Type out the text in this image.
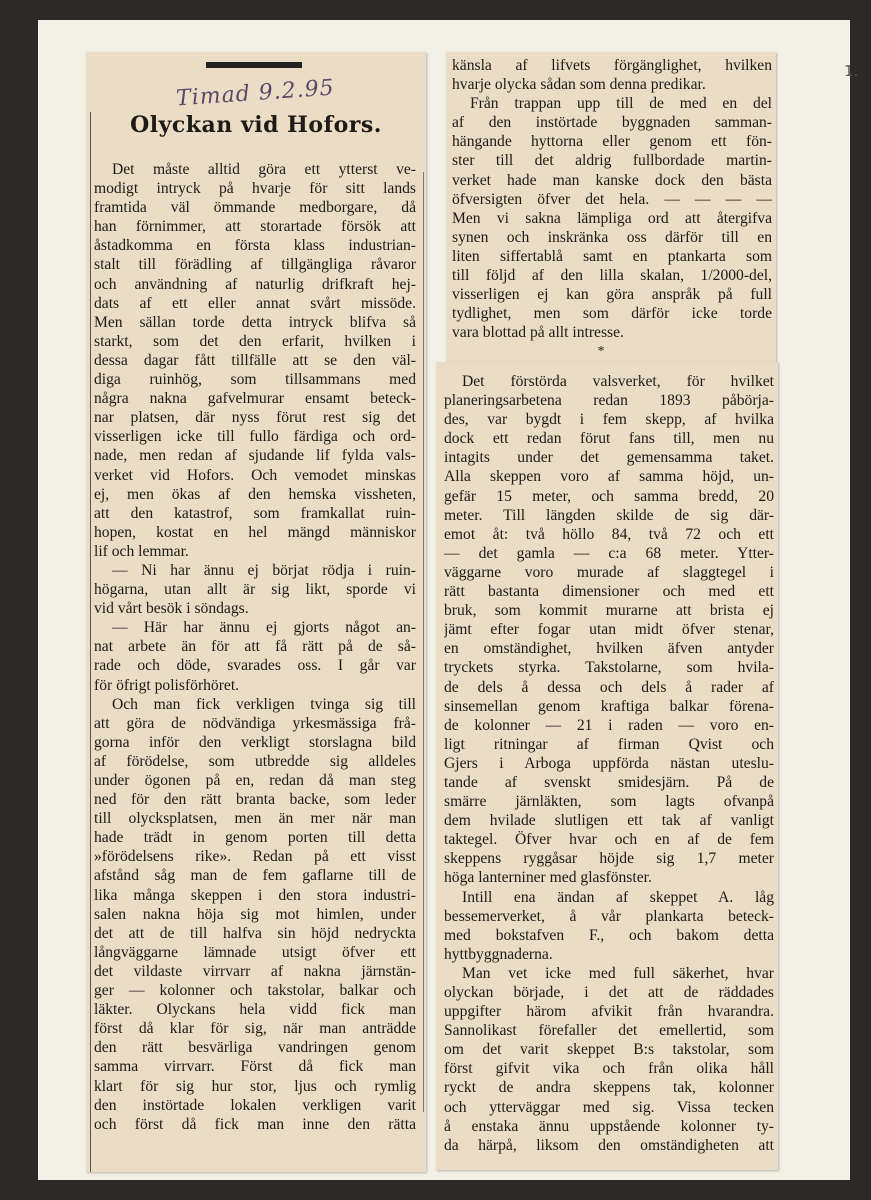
1.
Timad 9.2.95
Olyckan vid Hofors.
Det måste alltid göra ett ytterst ve-
modigt intryck på hvarje för sitt lands
framtida väl ömmande medborgare, då
han förnimmer, att storartade försök att
åstadkomma en första klass industrian-
stalt till förädling af tillgängliga råvaror
och användning af naturlig drifkraft hej-
dats af ett eller annat svårt missöde.
Men sällan torde detta intryck blifva så
starkt, som det den erfarit, hvilken i
dessa dagar fått tillfälle att se den väl-
diga ruinhög, som tillsammans med
några nakna gafvelmurar ensamt beteck-
nar platsen, där nyss förut rest sig det
visserligen icke till fullo färdiga och ord-
nade, men redan af sjudande lif fylda vals-
verket vid Hofors. Och vemodet minskas
ej, men ökas af den hemska vissheten,
att den katastrof, som framkallat ruin-
hopen, kostat en hel mängd människor
lif och lemmar.
— Ni har ännu ej börjat rödja i ruin-
högarna, utan allt är sig likt, sporde vi
vid vårt besök i söndags.
— Här har ännu ej gjorts något an-
nat arbete än för att få rätt på de så-
rade och döde, svarades oss. I går var
för öfrigt polisförhöret.
Och man fick verkligen tvinga sig till
att göra de nödvändiga yrkesmässiga frå-
gorna inför den verkligt storslagna bild
af förödelse, som utbredde sig alldeles
under ögonen på en, redan då man steg
ned för den rätt branta backe, som leder
till olycksplatsen, men än mer när man
hade trädt in genom porten till detta
»förödelsens rike». Redan på ett visst
afstånd såg man de fem gaflarne till de
lika många skeppen i den stora industri-
salen nakna höja sig mot himlen, under
det att de till halfva sin höjd nedryckta
långväggarne lämnade utsigt öfver ett
det vildaste virrvarr af nakna järnstän-
ger — kolonner och takstolar, balkar och
läkter. Olyckans hela vidd fick man
först då klar för sig, när man anträdde
den rätt besvärliga vandringen genom
samma virrvarr. Först då fick man
klart för sig hur stor, ljus och rymlig
den instörtade lokalen verkligen varit
och först då fick man inne den rätta
känsla af lifvets förgänglighet, hvilken
hvarje olycka sådan som denna predikar.
Från trappan upp till de med en del
af den instörtade byggnaden samman-
hängande hyttorna eller genom ett fön-
ster till det aldrig fullbordade martin-
verket hade man kanske dock den bästa
öfversigten öfver det hela. — — — —
Men vi sakna lämpliga ord att återgifva
synen och inskränka oss därför till en
liten siffertablå samt en ptankarta som
till följd af den lilla skalan, 1/2000-del,
visserligen ej kan göra anspråk på full
tydlighet, men som därför icke torde
vara blottad på allt intresse.
*
Det förstörda valsverket, för hvilket
planeringsarbetena redan 1893 påbörja-
des, var bygdt i fem skepp, af hvilka
dock ett redan förut fans till, men nu
intagits under det gemensamma taket.
Alla skeppen voro af samma höjd, un-
gefär 15 meter, och samma bredd, 20
meter. Till längden skilde de sig där-
emot åt: två höllo 84, två 72 och ett
— det gamla — c:a 68 meter. Ytter-
väggarne voro murade af slaggtegel i
rätt bastanta dimensioner och med ett
bruk, som kommit murarne att brista ej
jämt efter fogar utan midt öfver stenar,
en omständighet, hvilken äfven antyder
tryckets styrka. Takstolarne, som hvila-
de dels å dessa och dels å rader af
sinsemellan genom kraftiga balkar förena-
de kolonner — 21 i raden — voro en-
ligt ritningar af firman Qvist och
Gjers i Arboga uppförda nästan uteslu-
tande af svenskt smidesjärn. På de
smärre järnläkten, som lagts ofvanpå
dem hvilade slutligen ett tak af vanligt
taktegel. Öfver hvar och en af de fem
skeppens ryggåsar höjde sig 1,7 meter
höga lanterniner med glasfönster.
Intill ena ändan af skeppet A. låg
bessemerverket, å vår plankarta beteck-
med bokstafven F., och bakom detta
hyttbyggnaderna.
Man vet icke med full säkerhet, hvar
olyckan började, i det att de räddades
uppgifter härom afvikit från hvarandra.
Sannolikast förefaller det emellertid, som
om det varit skeppet B:s takstolar, som
först gifvit vika och från olika håll
ryckt de andra skeppens tak, kolonner
och ytterväggar med sig. Vissa tecken
å enstaka ännu uppstående kolonner ty-
da härpå, liksom den omständigheten att
